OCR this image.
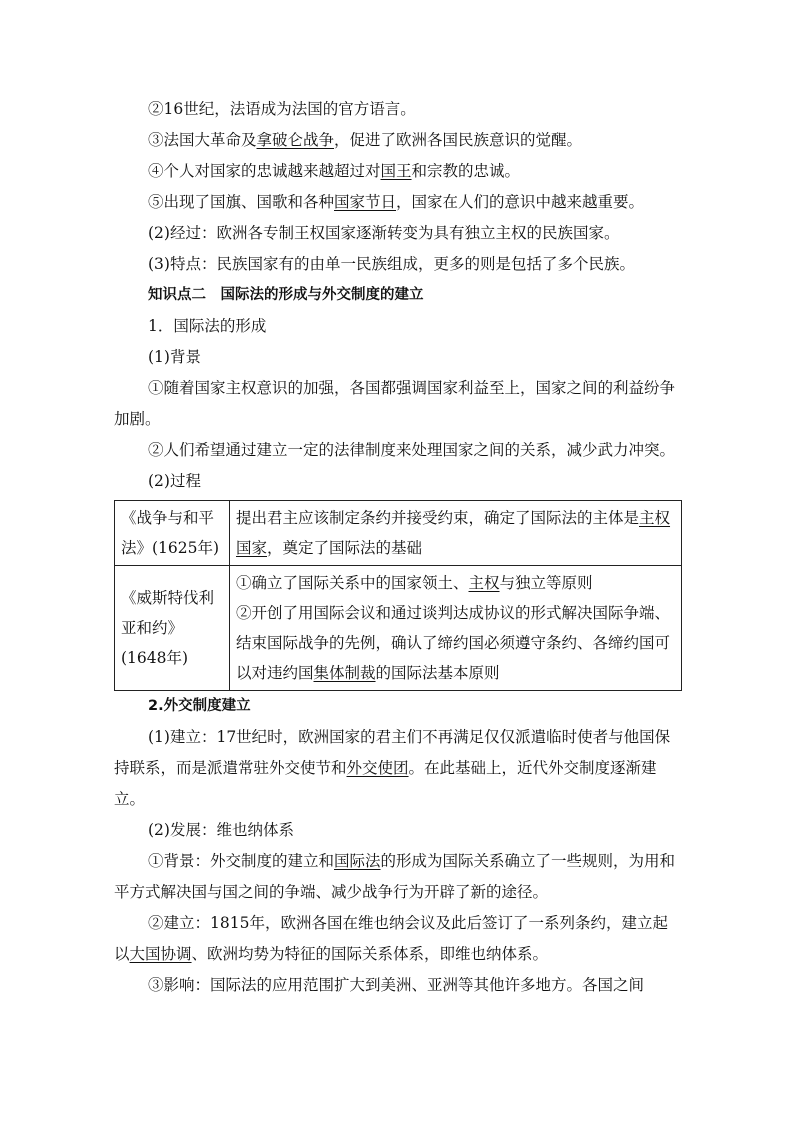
②16世纪，法语成为法国的官方语言。

③法国大革命及拿破仑战争，促进了欧洲各国民族意识的觉醒。

④个人对国家的忠诚越来越超过对国王和宗教的忠诚。

⑤出现了国旗、国歌和各种国家节日，国家在人们的意识中越来越重要。

(2)经过：欧洲各专制王权国家逐渐转变为具有独立主权的民族国家。

(3)特点：民族国家有的由单一民族组成，更多的则是包括了多个民族。

知识点二　国际法的形成与外交制度的建立

1．国际法的形成

(1)背景

①随着国家主权意识的加强，各国都强调国家利益至上，国家之间的利益纷争加剧。

②人们希望通过建立一定的法律制度来处理国家之间的关系，减少武力冲突。

(2)过程

《战争与和平法》(1625年)	提出君主应该制定条约并接受约束，确定了国际法的主体是主权国家，奠定了国际法的基础
《威斯特伐利亚和约》(1648年)	①确立了国际关系中的国家领土、主权与独立等原则
②开创了用国际会议和通过谈判达成协议的形式解决国际争端、结束国际战争的先例，确认了缔约国必须遵守条约、各缔约国可以对违约国集体制裁的国际法基本原则

2.外交制度建立

(1)建立：17世纪时，欧洲国家的君主们不再满足仅仅派遣临时使者与他国保持联系，而是派遣常驻外交使节和外交使团。在此基础上，近代外交制度逐渐建立。

(2)发展：维也纳体系

①背景：外交制度的建立和国际法的形成为国际关系确立了一些规则，为用和平方式解决国与国之间的争端、减少战争行为开辟了新的途径。

②建立：1815年，欧洲各国在维也纳会议及此后签订了一系列条约，建立起以大国协调、欧洲均势为特征的国际关系体系，即维也纳体系。

③影响：国际法的应用范围扩大到美洲、亚洲等其他许多地方。各国之间
